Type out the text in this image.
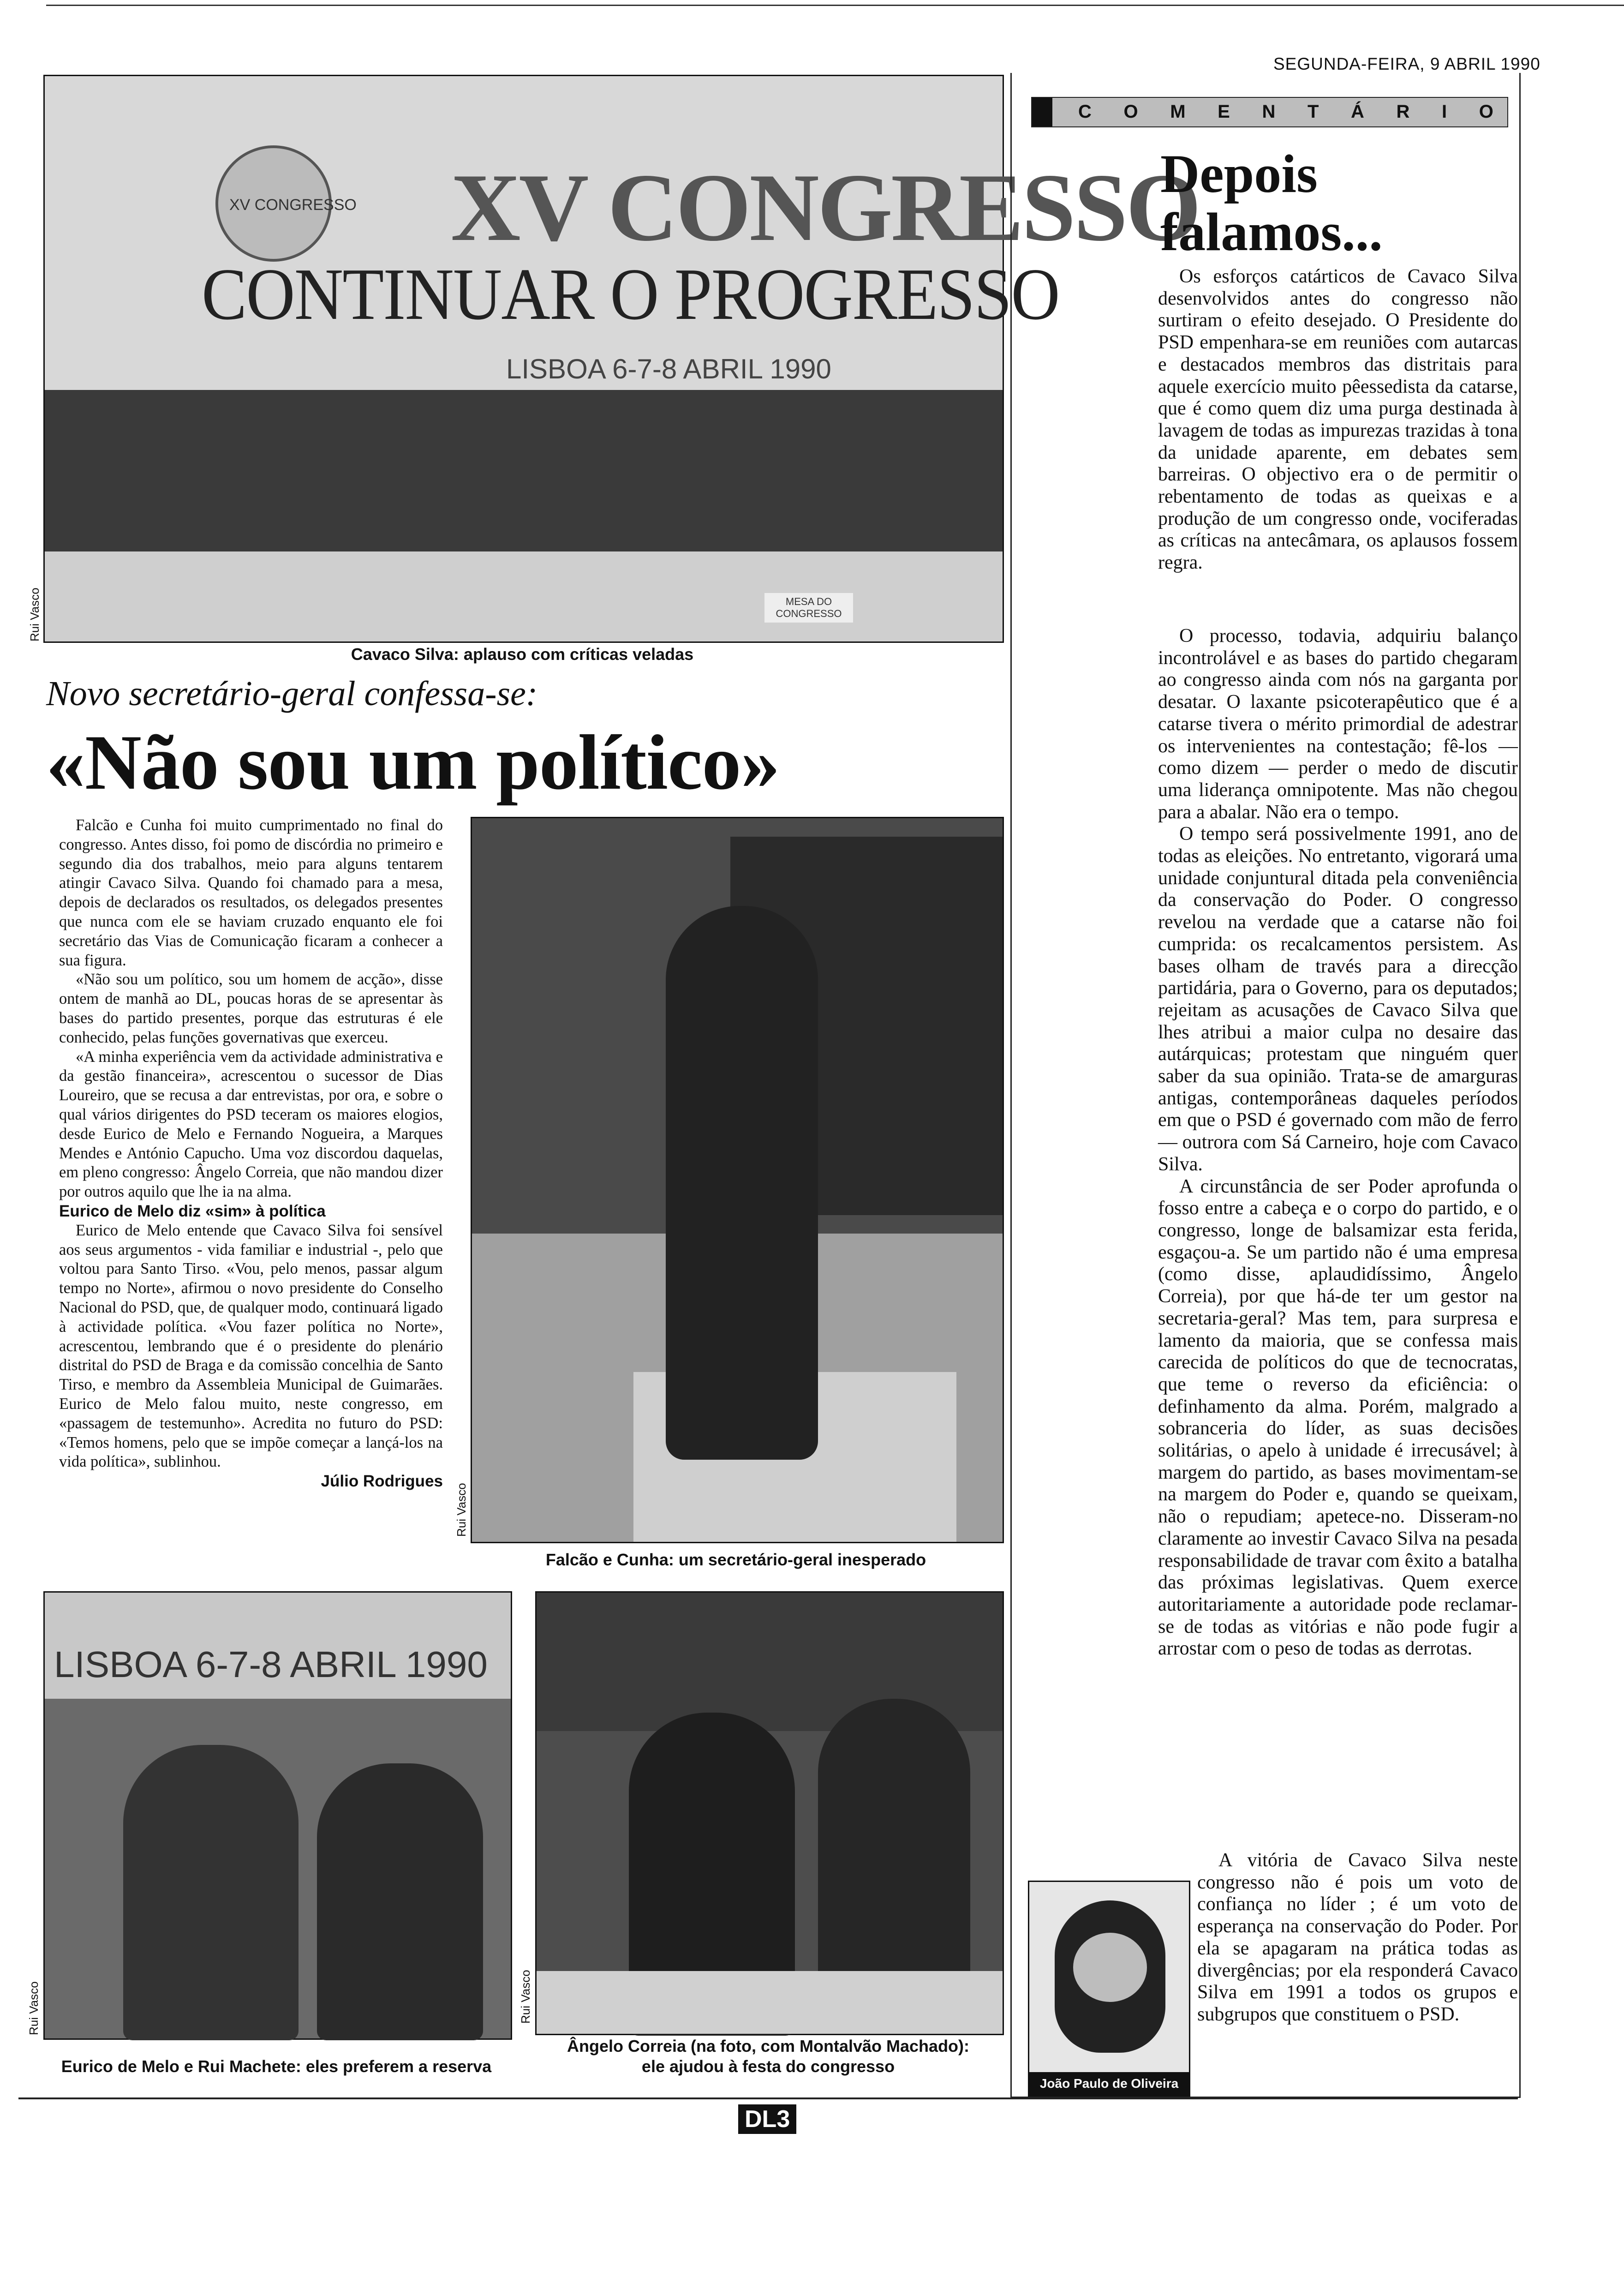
SEGUNDA-FEIRA, 9 ABRIL 1990
XV CONGRESSO XV CONGRESSO
CONTINUAR O PROGRESSO
LISBOA 6-7-8 ABRIL 1990
MESA DO CONGRESSO
Rui Vasco
Cavaco Silva: aplauso com críticas veladas
Novo secretário-geral confessa-se:
«Não sou um político»

Falcão e Cunha foi muito cumprimentado no final do congresso. Antes disso, foi pomo de discórdia no primeiro e segundo dia dos trabalhos, meio para alguns tentarem atingir Cavaco Silva. Quando foi chamado para a mesa, depois de declarados os resultados, os delegados presentes que nunca com ele se haviam cruzado enquanto ele foi secretário das Vias de Comunicação ficaram a conhecer a sua figura.

«Não sou um político, sou um homem de acção», disse ontem de manhã ao DL, poucas horas de se apresentar às bases do partido presentes, porque das estruturas é ele conhecido, pelas funções governativas que exerceu.

«A minha experiência vem da actividade administrativa e da gestão financeira», acrescentou o sucessor de Dias Loureiro, que se recusa a dar entrevistas, por ora, e sobre o qual vários dirigentes do PSD teceram os maiores elogios, desde Eurico de Melo e Fernando Nogueira, a Marques Mendes e António Capucho. Uma voz discordou daquelas, em pleno congresso: Ângelo Correia, que não mandou dizer por outros aquilo que lhe ia na alma.

Eurico de Melo diz «sim» à política

Eurico de Melo entende que Cavaco Silva foi sensível aos seus argumentos - vida familiar e industrial -, pelo que voltou para Santo Tirso. «Vou, pelo menos, passar algum tempo no Norte», afirmou o novo presidente do Conselho Nacional do PSD, que, de qualquer modo, continuará ligado à actividade política. «Vou fazer política no Norte», acrescentou, lembrando que é o presidente do plenário distrital do PSD de Braga e da comissão concelhia de Santo Tirso, e membro da Assembleia Municipal de Guimarães. Eurico de Melo falou muito, neste congresso, em «passagem de testemunho». Acredita no futuro do PSD: «Temos homens, pelo que se impõe começar a lançá-los na vida política», sublinhou.

Júlio Rodrigues

Rui Vasco
Falcão e Cunha: um secretário-geral inesperado
LISBOA 6-7-8 ABRIL 1990
Rui Vasco
Eurico de Melo e Rui Machete: eles preferem a reserva
Rui Vasco
Ângelo Correia (na foto, com Montalvão Machado):
ele ajudou à festa do congresso
C O M E N T Á R I O
Depois
falamos...

Os esforços catárticos de Cavaco Silva desenvolvidos antes do congresso não surtiram o efeito desejado. O Presidente do PSD empenhara-se em reuniões com autarcas e destacados membros das distritais para aquele exercício muito pêessedista da catarse, que é como quem diz uma purga destinada à lavagem de todas as impurezas trazidas à tona da unidade aparente, em debates sem barreiras. O objectivo era o de permitir o rebentamento de todas as queixas e a produção de um congresso onde, vociferadas as críticas na antecâmara, os aplausos fossem regra.

O processo, todavia, adquiriu balanço incontrolável e as bases do partido chegaram ao congresso ainda com nós na garganta por desatar. O laxante psicoterapêutico que é a catarse tivera o mérito primordial de adestrar os intervenientes na contestação; fê-los — como dizem — perder o medo de discutir uma liderança omnipotente. Mas não chegou para a abalar. Não era o tempo.

O tempo será possivelmente 1991, ano de todas as eleições. No entretanto, vigorará uma unidade conjuntural ditada pela conveniência da conservação do Poder. O congresso revelou na verdade que a catarse não foi cumprida: os recalcamentos persistem. As bases olham de través para a direcção partidária, para o Governo, para os deputados; rejeitam as acusações de Cavaco Silva que lhes atribui a maior culpa no desaire das autárquicas; protestam que ninguém quer saber da sua opinião. Trata-se de amarguras antigas, contemporâneas daqueles períodos em que o PSD é governado com mão de ferro — outrora com Sá Carneiro, hoje com Cavaco Silva.

A circunstância de ser Poder aprofunda o fosso entre a cabeça e o corpo do partido, e o congresso, longe de balsamizar esta ferida, esgaçou-a. Se um partido não é uma empresa (como disse, aplaudidíssimo, Ângelo Correia), por que há-de ter um gestor na secretaria-geral? Mas tem, para surpresa e lamento da maioria, que se confessa mais carecida de políticos do que de tecnocratas, que teme o reverso da eficiência: o definhamento da alma. Porém, malgrado a sobranceria do líder, as suas decisões solitárias, o apelo à unidade é irrecusável; à margem do partido, as bases movimentam-se na margem do Poder e, quando se queixam, não o repudiam; apetece-no. Disseram-no claramente ao investir Cavaco Silva na pesada responsabilidade de travar com êxito a batalha das próximas legislativas. Quem exerce autoritariamente a autoridade pode reclamar-se de todas as vitórias e não pode fugir a arrostar com o peso de todas as derrotas.

A vitória de Cavaco Silva neste congresso não é pois um voto de confiança no líder ; é um voto de esperança na conservação do Poder. Por ela se apagaram na prática todas as divergências; por ela responderá Cavaco Silva em 1991 a todos os grupos e subgrupos que constituem o PSD.

João Paulo de Oliveira
DL3
